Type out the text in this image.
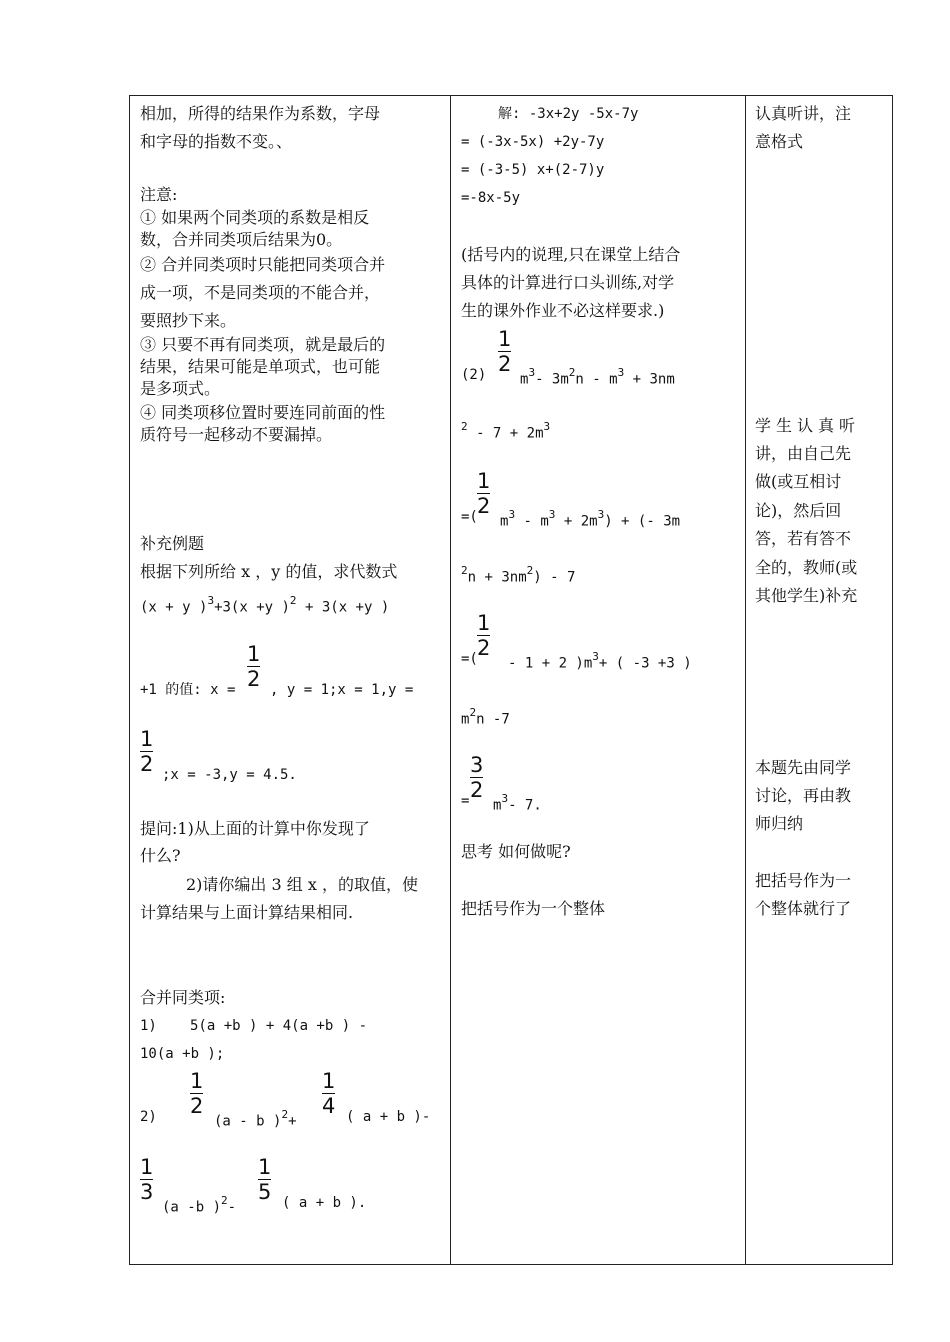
相加，所得的结果作为系数，字母
和字母的指数不变。、
注意:
① 如果两个同类项的系数是相反
数，合并同类项后结果为0。
② 合并同类项时只能把同类项合并
成一项，不是同类项的不能合并，
要照抄下来。
③ 只要不再有同类项，就是最后的
结果，结果可能是单项式，也可能
是多项式。
④ 同类项移位置时要连同前面的性
质符号一起移动不要漏掉。
补充例题
根据下列所给 x ，y 的值，求代数式
(x + y )$^3$+3(x +y )$^2$ + 3(x +y )
+1 的值: x =
1
2 , y = 1;x = 1,y =
1
2 ;x = -3,y = 4.5.
提问:1)从上面的计算中你发现了
什么?
2)请你编出 3 组 x ，的取值，使
计算结果与上面计算结果相同.
合并同类项:
1) 5(a +b ) + 4(a +b ) -
10(a +b );
2)
1
2
(a - b )$^2$+
1
4 ( a + b )-
1
3
(a -b )$^2$-
1
5 ( a + b ).
解: -3x+2y -5x-7y
= (-3x-5x) +2y-7y
= (-3-5) x+(2-7)y
=-8x-5y
(括号内的说理,只在课堂上结合
具体的计算进行口头训练,对学
生的课外作业不必这样要求.)
(2)
1
2
$m^3-$ $3m^2n - m^3 + 3nm$
$^2 - 7 + 2m^3$
=(
1
2
$m^3 - m^3 + 2m^3$) + (- 3m
$^2n + 3nm^2) - 7$
=(
1
2
- 1 + 2 )$m^3+$ ( -3 +3 )
$m^2n$ -7
=
3
2
$m^3-$ 7.
思考 如何做呢?
把括号作为一个整体
认真听讲，注
意格式
学生认真听
讲，由自己先
做(或互相讨
论)，然后回
答，若有答不
全的，教师(或
其他学生)补充
本题先由同学
讨论，再由教
师归纳
把括号作为一
个整体就行了
